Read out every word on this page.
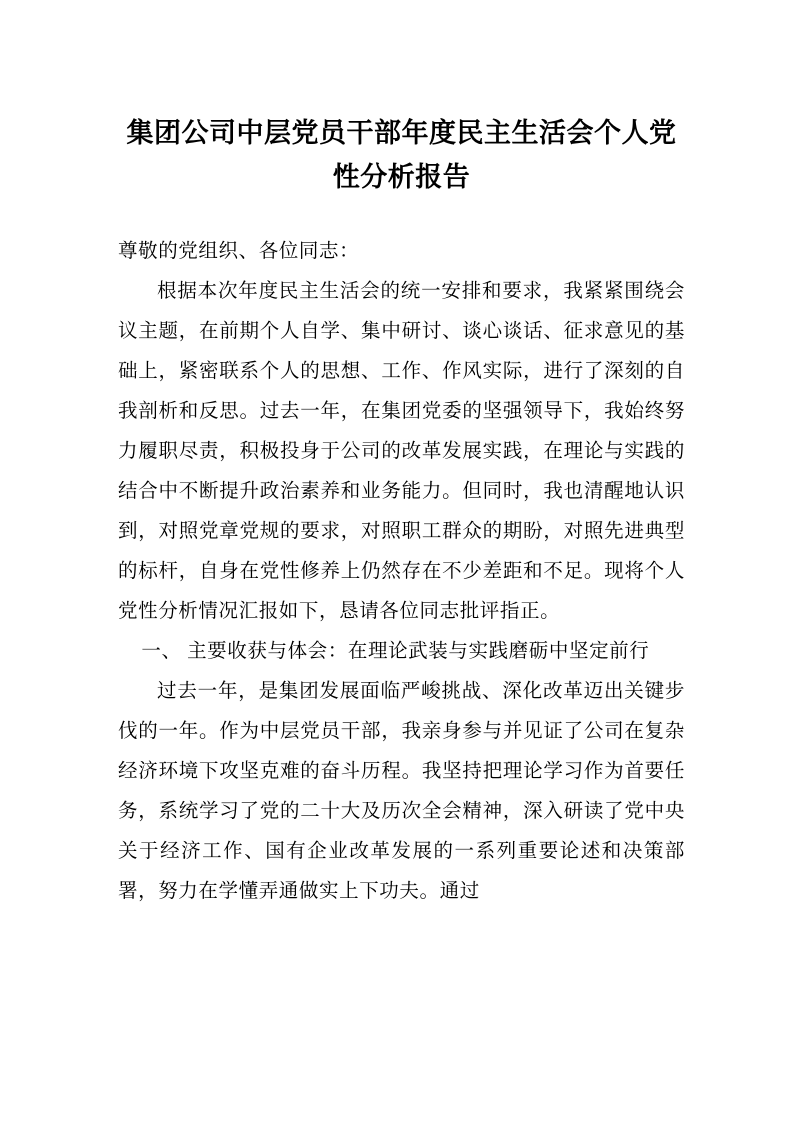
集团公司中层党员干部年度民主生活会个人党性分析报告

尊敬的党组织、各位同志：

根据本次年度民主生活会的统一安排和要求，我紧紧围绕会议主题，在前期个人自学、集中研讨、谈心谈话、征求意见的基础上，紧密联系个人的思想、工作、作风实际，进行了深刻的自我剖析和反思。过去一年，在集团党委的坚强领导下，我始终努力履职尽责，积极投身于公司的改革发展实践，在理论与实践的结合中不断提升政治素养和业务能力。但同时，我也清醒地认识到，对照党章党规的要求，对照职工群众的期盼，对照先进典型的标杆，自身在党性修养上仍然存在不少差距和不足。现将个人党性分析情况汇报如下，恳请各位同志批评指正。

一、 主要收获与体会：在理论武装与实践磨砺中坚定前行

过去一年，是集团发展面临严峻挑战、深化改革迈出关键步伐的一年。作为中层党员干部，我亲身参与并见证了公司在复杂经济环境下攻坚克难的奋斗历程。我坚持把理论学习作为首要任务，系统学习了党的二十大及历次全会精神，深入研读了党中央关于经济工作、国有企业改革发展的一系列重要论述和决策部署，努力在学懂弄通做实上下功夫。通过
